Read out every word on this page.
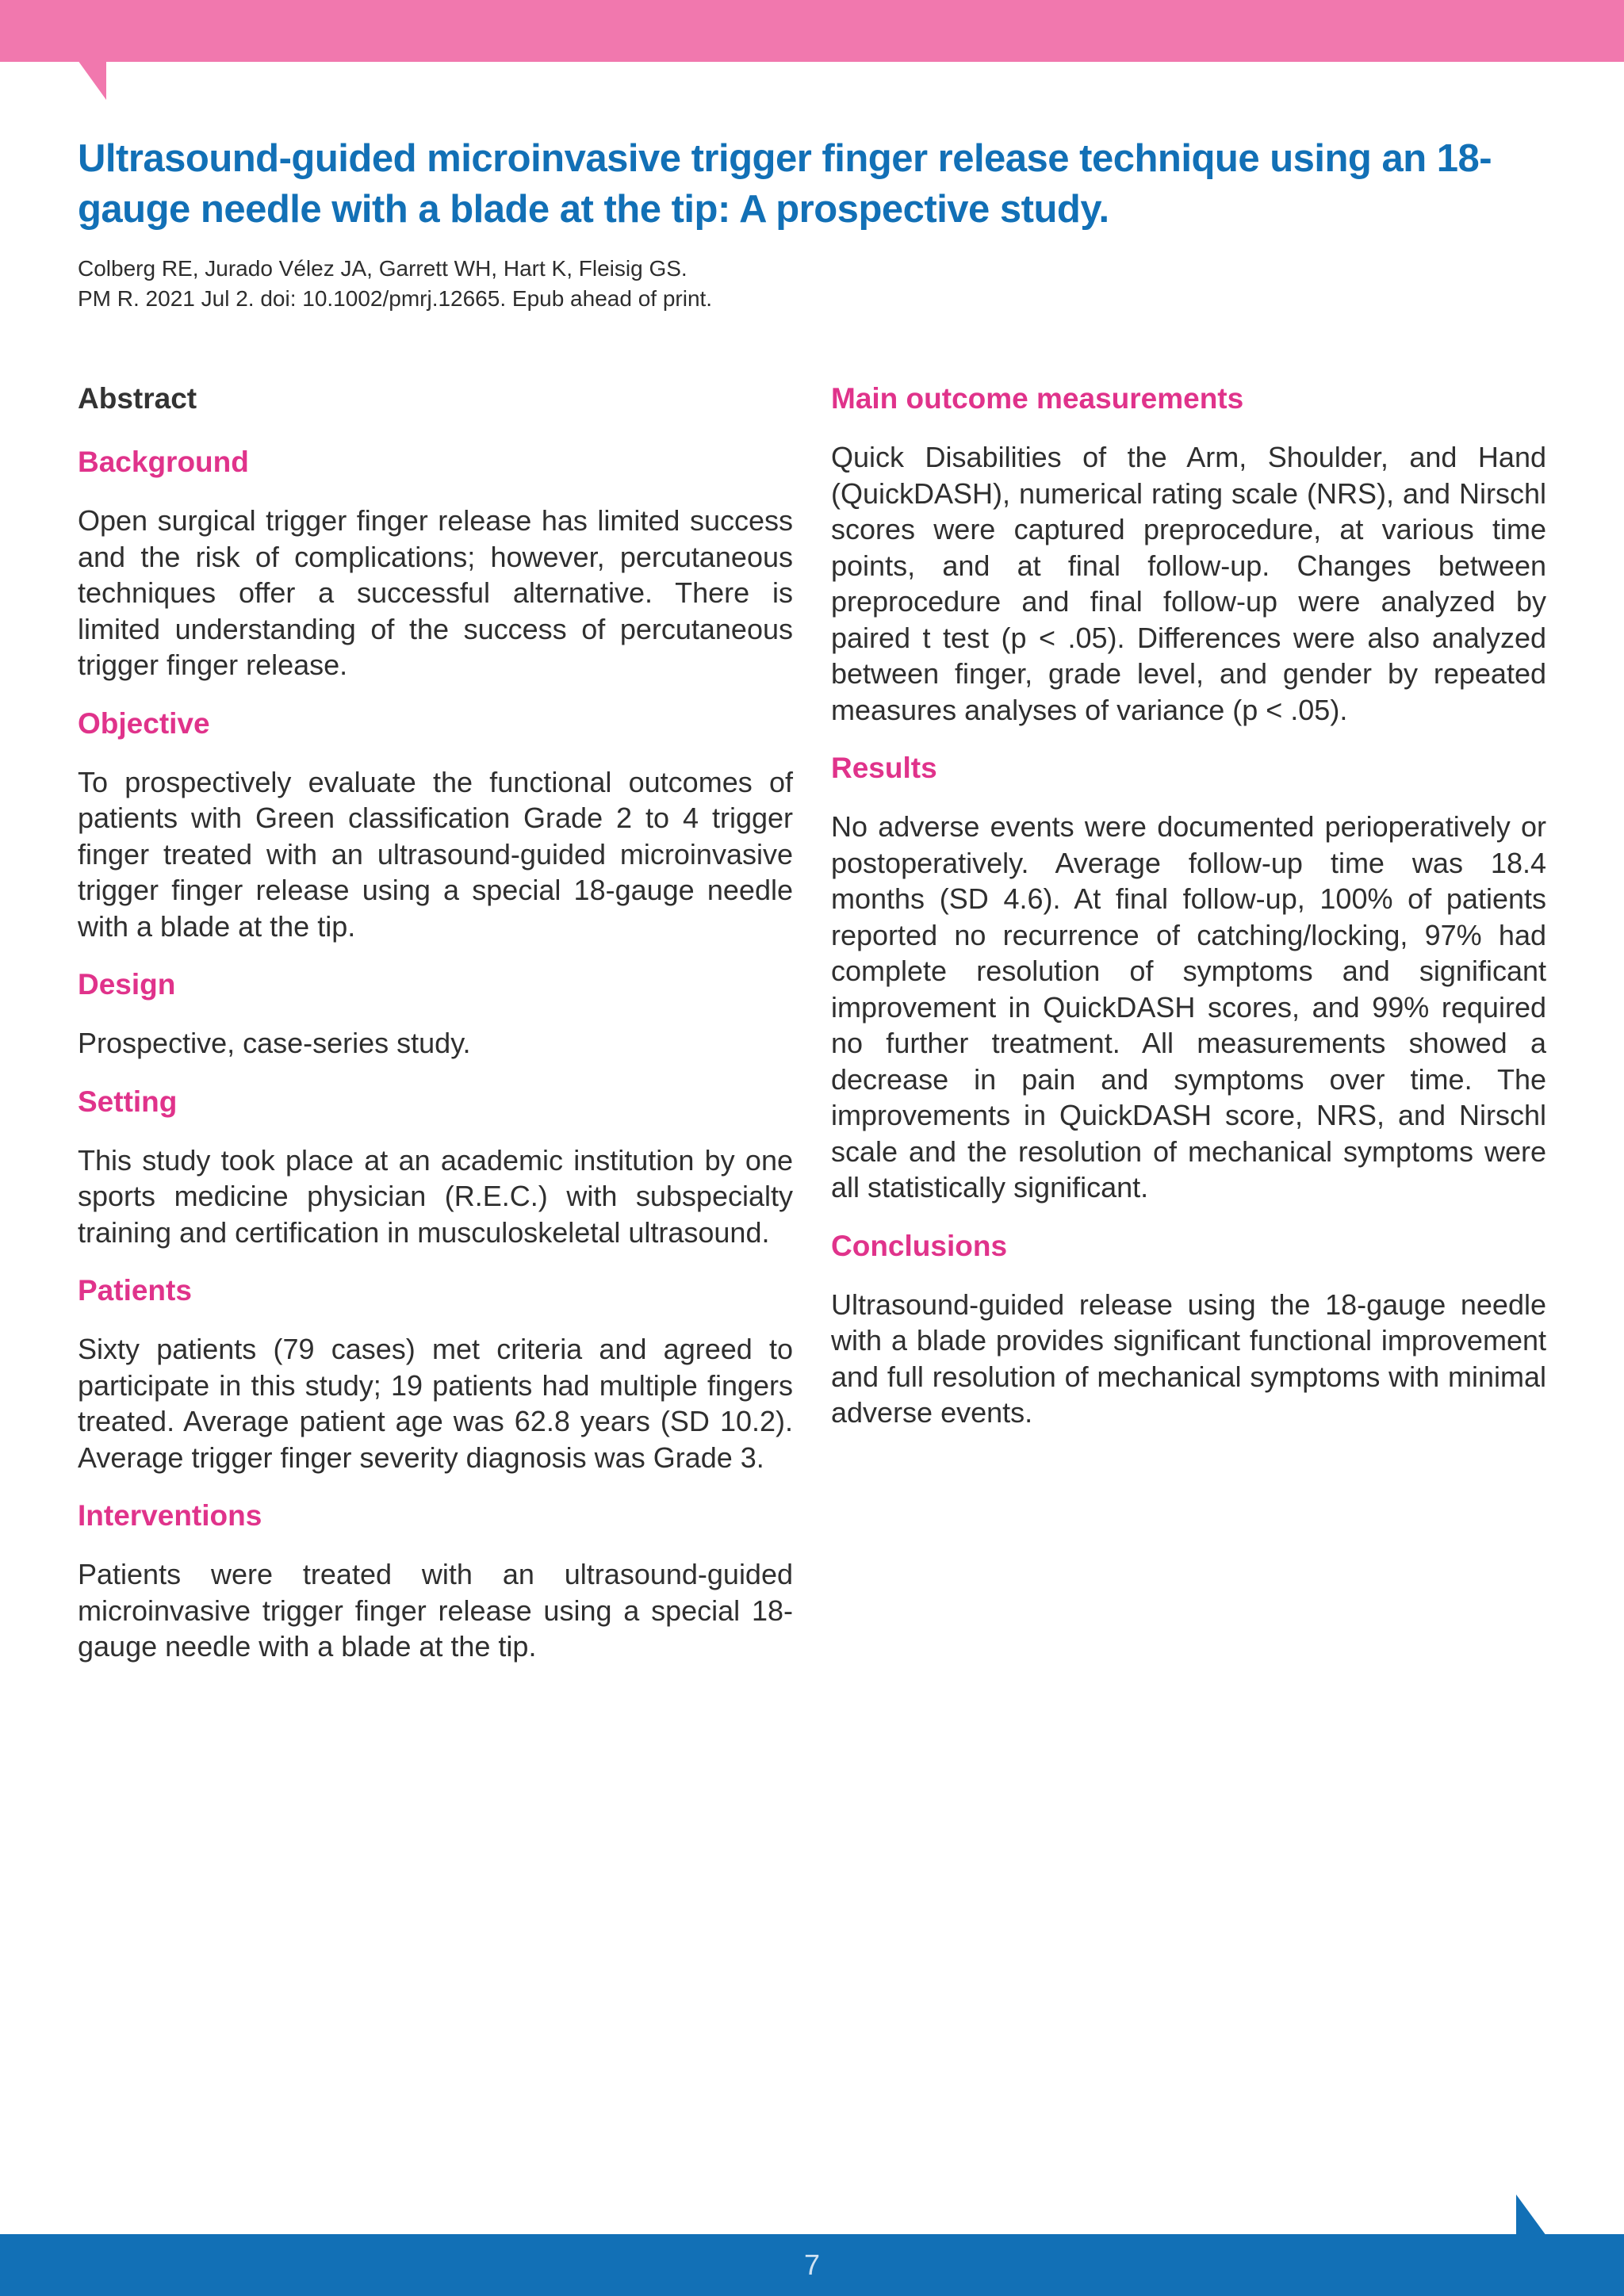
Ultrasound-guided microinvasive trigger finger release technique using an 18-gauge needle with a blade at the tip: A prospective study.
Colberg RE, Jurado Vélez JA, Garrett WH, Hart K, Fleisig GS.
PM R. 2021 Jul 2. doi: 10.1002/pmrj.12665. Epub ahead of print.
Abstract
Background

Open surgical trigger finger release has limited success and the risk of complications; however, percutaneous techniques offer a successful alternative. There is limited understanding of the success of percutaneous trigger finger release.

Objective

To prospectively evaluate the functional outcomes of patients with Green classification Grade 2 to 4 trigger finger treated with an ultrasound-guided microinvasive trigger finger release using a special 18-gauge needle with a blade at the tip.

Design

Prospective, case-series study.

Setting

This study took place at an academic institution by one sports medicine physician (R.E.C.) with subspecialty training and certification in musculoskeletal ultrasound.

Patients

Sixty patients (79 cases) met criteria and agreed to participate in this study; 19 patients had multiple fingers treated. Average patient age was 62.8 years (SD 10.2). Average trigger finger severity diagnosis was Grade 3.

Interventions

Patients were treated with an ultrasound-guided microinvasive trigger finger release using a special 18-gauge needle with a blade at the tip.

Main outcome measurements

Quick Disabilities of the Arm, Shoulder, and Hand (QuickDASH), numerical rating scale (NRS), and Nirschl scores were captured preprocedure, at various time points, and at final follow-up. Changes between preprocedure and final follow-up were analyzed by paired t test (p < .05). Differences were also analyzed between finger, grade level, and gender by repeated measures analyses of variance (p < .05).

Results

No adverse events were documented perioperatively or postoperatively. Average follow-up time was 18.4 months (SD 4.6). At final follow-up, 100% of patients reported no recurrence of catching/locking, 97% had complete resolution of symptoms and significant improvement in QuickDASH scores, and 99% required no further treatment. All measurements showed a decrease in pain and symptoms over time. The improvements in QuickDASH score, NRS, and Nirschl scale and the resolution of mechanical symptoms were all statistically significant.

Conclusions

Ultrasound-guided release using the 18-gauge needle with a blade provides significant functional improvement and full resolution of mechanical symptoms with minimal adverse events.

7
